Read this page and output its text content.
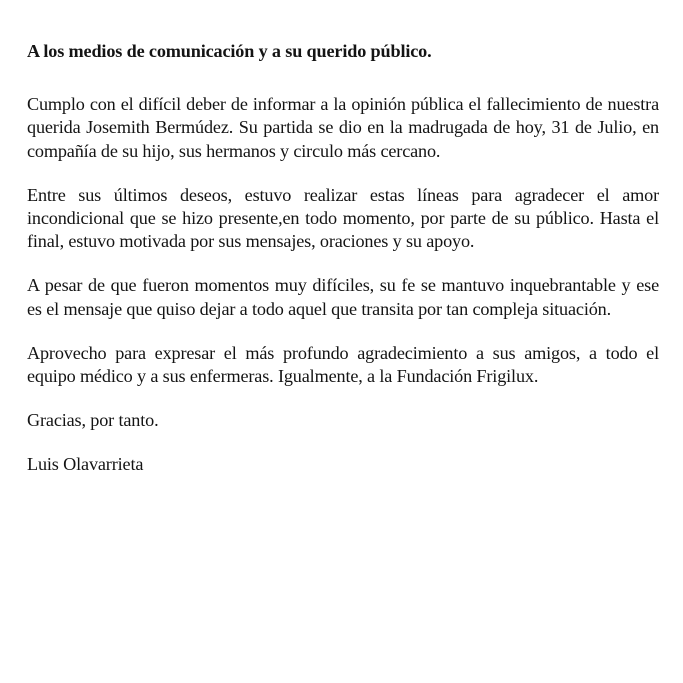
A los medios de comunicación y a su querido público.
Cumplo con el difícil deber de informar a la opinión pública el fallecimiento de nuestra querida Josemith Bermúdez. Su partida se dio en la madrugada de hoy, 31 de Julio, en compañía de su hijo, sus hermanos y circulo más cercano.
Entre sus últimos deseos, estuvo realizar estas líneas para agradecer el amor incondicional que se hizo presente,en todo momento, por parte de su público. Hasta el final, estuvo motivada por sus mensajes, oraciones y su apoyo.
A pesar de que fueron momentos muy difíciles, su fe se mantuvo inquebrantable y ese es el mensaje que quiso dejar a todo aquel que transita por tan compleja situación.
Aprovecho para expresar el más profundo agradecimiento a sus amigos, a todo el equipo médico y a sus enfermeras. Igualmente, a la Fundación Frigilux.
Gracias, por tanto.
Luis Olavarrieta
